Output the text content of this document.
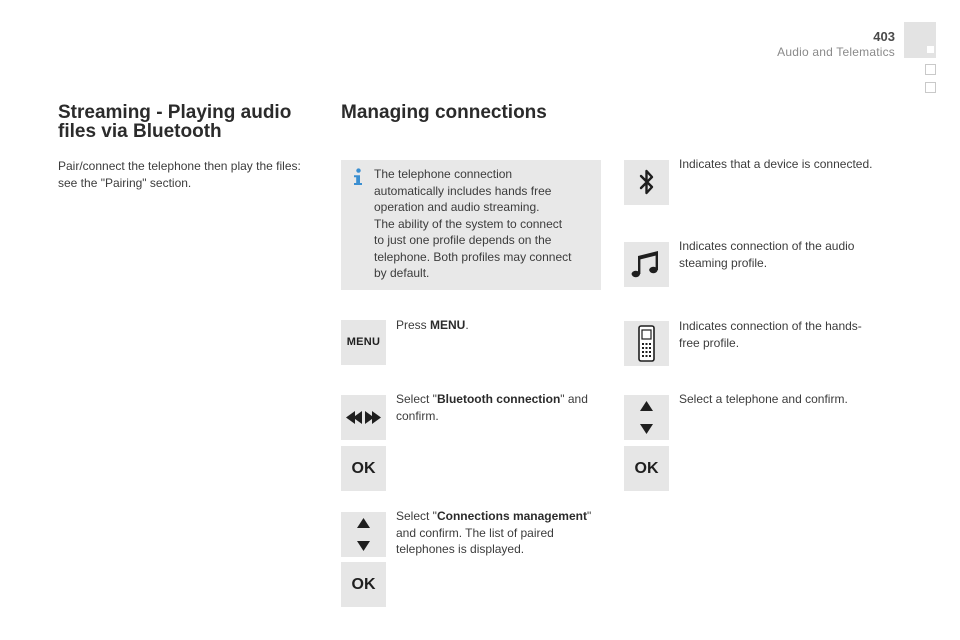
403
Audio and Telematics
Streaming - Playing audio
files via Bluetooth
Pair/connect the telephone then play the files:
see the "Pairing" section.
Managing connections
The telephone connection
automatically includes hands free
operation and audio streaming.
The ability of the system to connect
to just one profile depends on the
telephone. Both profiles may connect
by default.
MENU
Press MENU.
Select "Bluetooth connection" and
confirm.
OK
Select "Connections management"
and confirm. The list of paired
telephones is displayed.
OK
Indicates that a device is connected.
Indicates connection of the audio
steaming profile.
Indicates connection of the hands-
free profile.
Select a telephone and confirm.
OK
